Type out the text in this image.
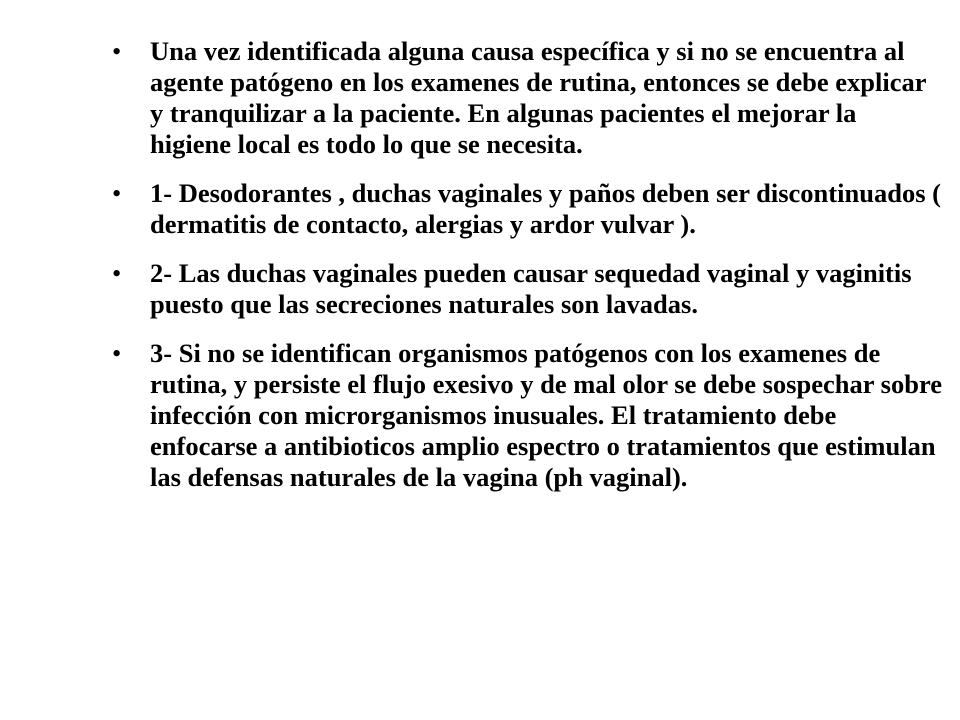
•	Una vez identificada alguna causa específica y si no se encuentra al agente patógeno en los examenes de rutina, entonces se debe explicar y tranquilizar a la paciente. En algunas pacientes el mejorar la higiene local es todo lo que se necesita.
•	1- Desodorantes , duchas vaginales y paños deben ser discontinuados ( dermatitis de contacto, alergias y ardor vulvar ).
•	2- Las duchas vaginales pueden causar sequedad vaginal y vaginitis puesto que las secreciones naturales son lavadas.
•	3- Si no se identifican organismos patógenos con los examenes de rutina, y persiste el flujo exesivo y de mal olor se debe sospechar sobre infección con microrganismos inusuales. El tratamiento debe enfocarse a antibioticos amplio espectro o tratamientos que estimulan las defensas naturales de la vagina (ph vaginal).
